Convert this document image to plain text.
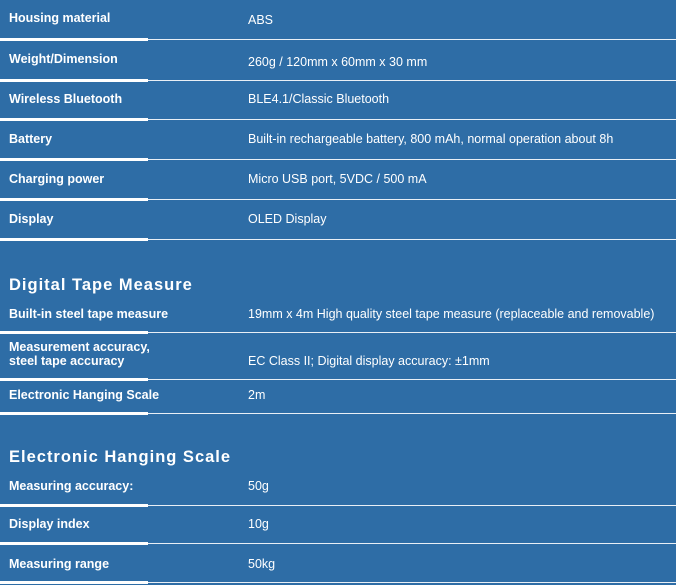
Housing material	ABS
Weight/Dimension	260g / 120mm x 60mm x 30 mm
Wireless Bluetooth	BLE4.1/Classic Bluetooth
Battery	Built-in rechargeable battery, 800 mAh, normal operation about 8h
Charging power	Micro USB port, 5VDC / 500 mA
Display	OLED Display
Digital Tape Measure
Built-in steel tape measure	19mm x 4m High quality steel tape measure (replaceable and removable)
Measurement accuracy,
steel tape accuracy	EC Class II; Digital display accuracy: ±1mm
Electronic Hanging Scale	2m
Electronic Hanging Scale
Measuring accuracy:	50g
Display index	10g
Measuring range	50kg
